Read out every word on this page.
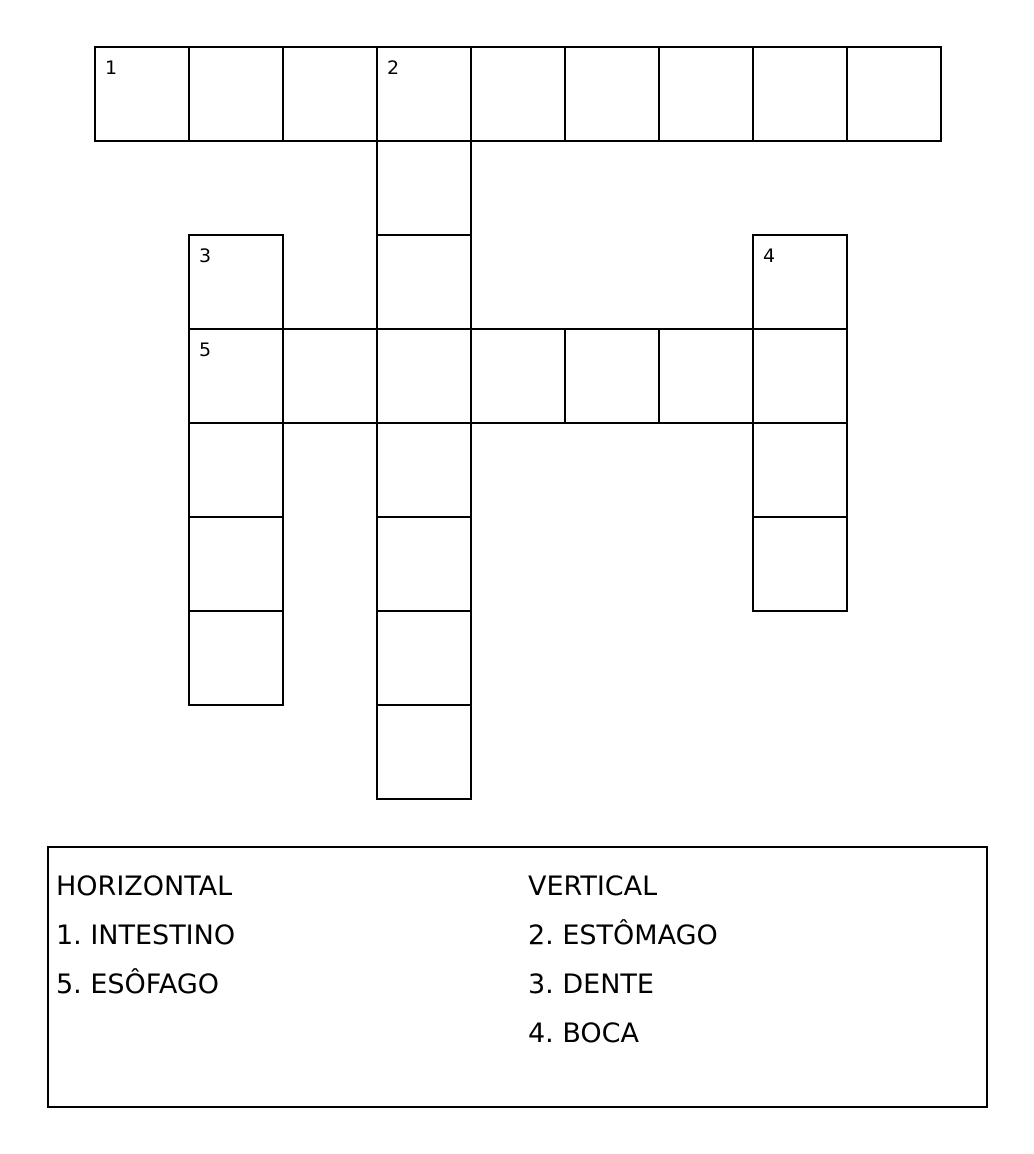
1	2
3
5
4
HORIZONTAL
1. INTESTINO
5. ESÔFAGO
VERTICAL
2. ESTÔMAGO
3. DENTE
4. BOCA
